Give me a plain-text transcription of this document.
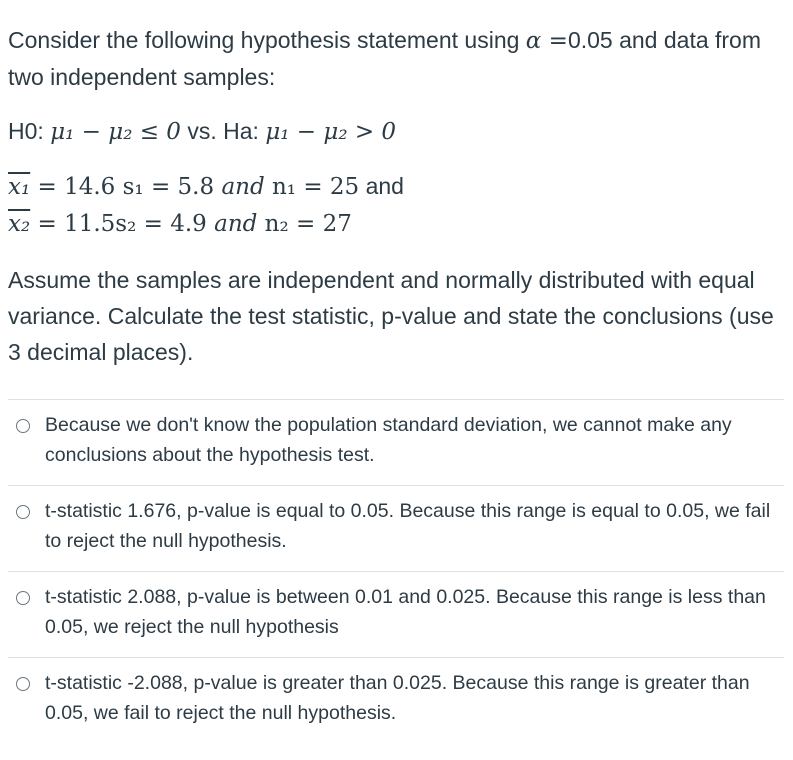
Consider the following hypothesis statement using α =0.05 and data from two independent samples:

H0: μ₁ − μ₂ ≤ 0 vs. Ha: μ₁ − μ₂ > 0

x₁ = 14.6 s₁ = 5.8 and n₁ = 25 and
x₂ = 11.5s₂ = 4.9 and n₂ = 27

Assume the samples are independent and normally distributed with equal variance. Calculate the test statistic, p-value and state the conclusions (use 3 decimal places).

Because we don't know the population standard deviation, we cannot make any conclusions about the hypothesis test.
t-statistic 1.676, p-value is equal to 0.05. Because this range is equal to 0.05, we fail to reject the null hypothesis.
t-statistic 2.088, p-value is between 0.01 and 0.025. Because this range is less than 0.05, we reject the null hypothesis
t-statistic -2.088, p-value is greater than 0.025. Because this range is greater than 0.05, we fail to reject the null hypothesis.
